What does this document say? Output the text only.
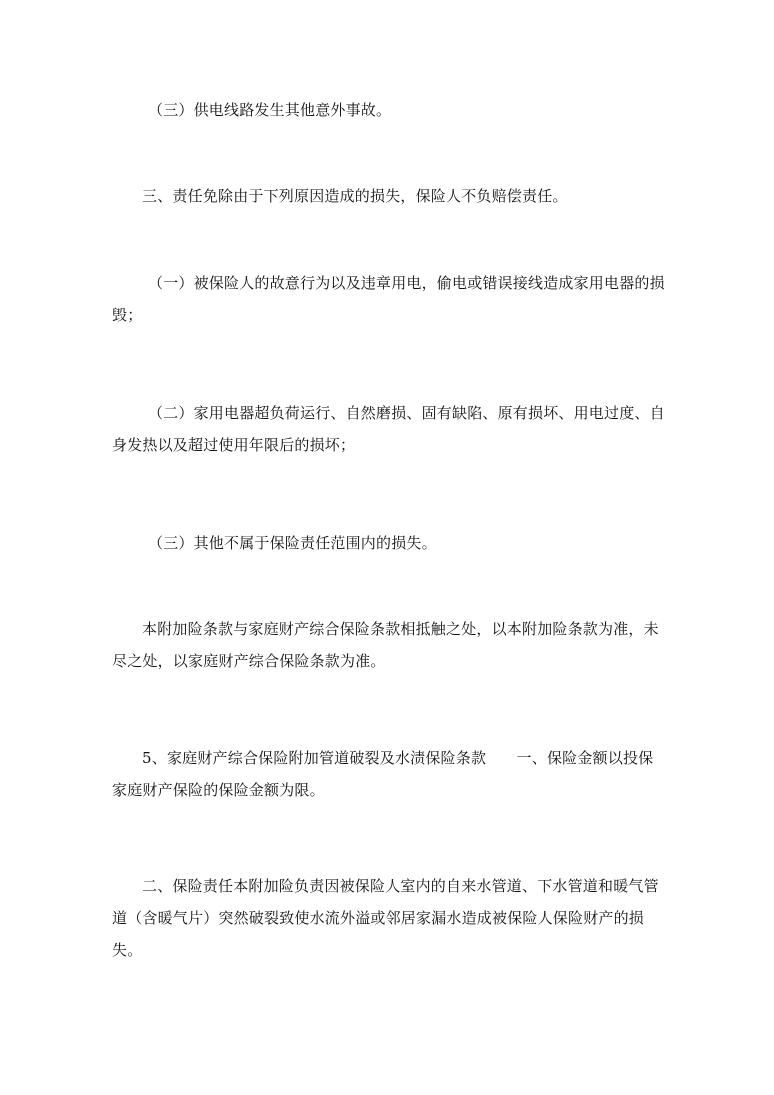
（三）供电线路发生其他意外事故。

三、责任免除由于下列原因造成的损失，保险人不负赔偿责任。

（一）被保险人的故意行为以及违章用电，偷电或错误接线造成家用电器的损毁；

（二）家用电器超负荷运行、自然磨损、固有缺陷、原有损坏、用电过度、自身发热以及超过使用年限后的损坏；

（三）其他不属于保险责任范围内的损失。

本附加险条款与家庭财产综合保险条款相抵触之处，以本附加险条款为准，未尽之处，以家庭财产综合保险条款为准。

5、家庭财产综合保险附加管道破裂及水渍保险条款　　一、保险金额以投保家庭财产保险的保险金额为限。

二、保险责任本附加险负责因被保险人室内的自来水管道、下水管道和暖气管道（含暖气片）突然破裂致使水流外溢或邻居家漏水造成被保险人保险财产的损失。
